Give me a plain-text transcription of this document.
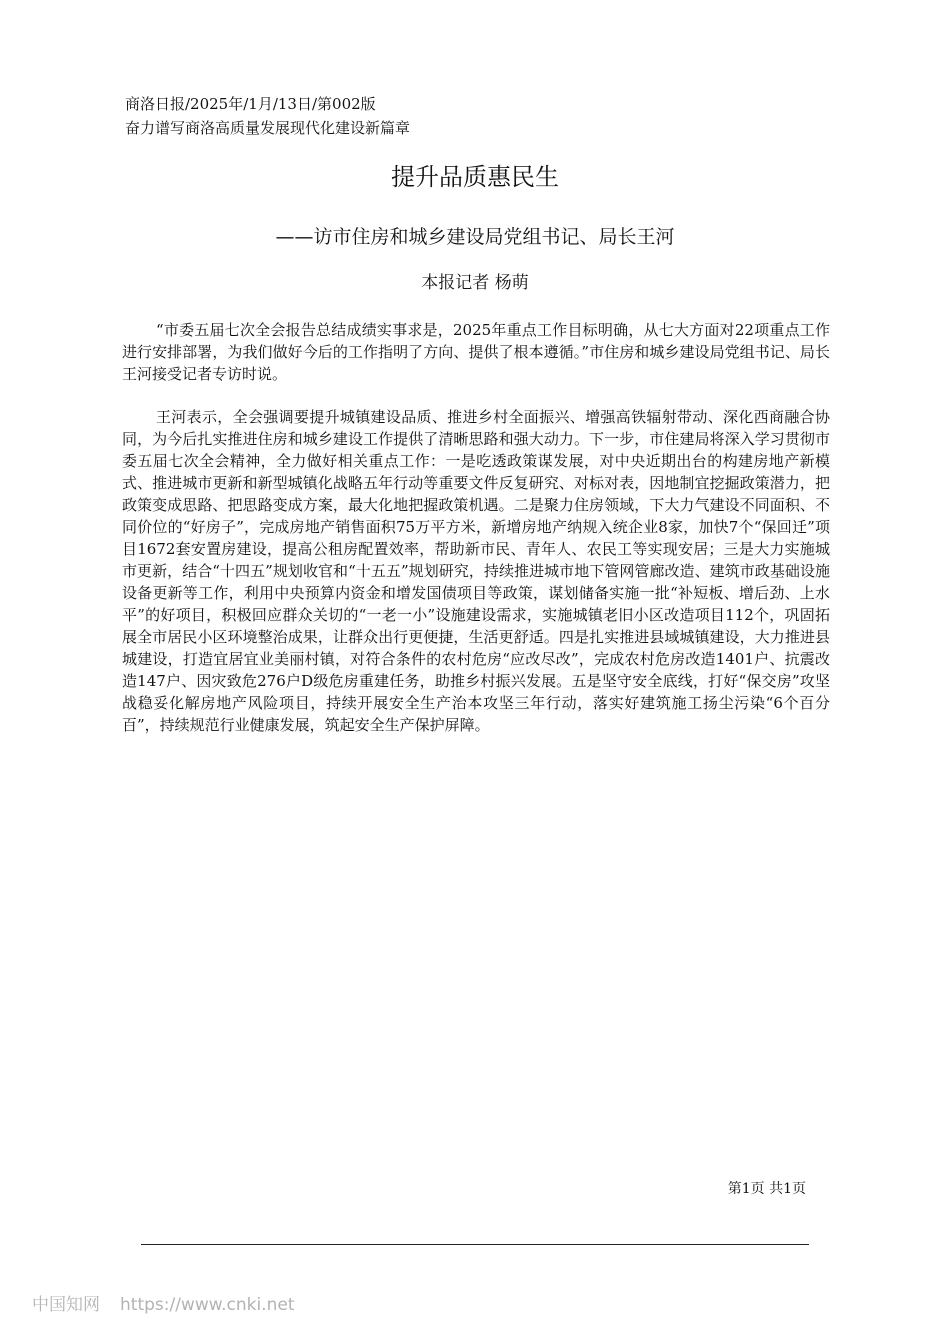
商洛日报/2025年/1月/13日/第002版
奋力谱写商洛高质量发展现代化建设新篇章
提升品质惠民生
——访市住房和城乡建设局党组书记、局长王河
本报记者 杨萌

“市委五届七次全会报告总结成绩实事求是，2025年重点工作目标明确，从七大方面对22项重点工作进行安排部署，为我们做好今后的工作指明了方向、提供了根本遵循。”市住房和城乡建设局党组书记、局长王河接受记者专访时说。

王河表示，全会强调要提升城镇建设品质、推进乡村全面振兴、增强高铁辐射带动、深化西商融合协同，为今后扎实推进住房和城乡建设工作提供了清晰思路和强大动力。下一步，市住建局将深入学习贯彻市委五届七次全会精神，全力做好相关重点工作：一是吃透政策谋发展，对中央近期出台的构建房地产新模式、推进城市更新和新型城镇化战略五年行动等重要文件反复研究、对标对表，因地制宜挖掘政策潜力，把政策变成思路、把思路变成方案，最大化地把握政策机遇。二是聚力住房领域，下大力气建设不同面积、不同价位的“好房子”，完成房地产销售面积75万平方米，新增房地产纳规入统企业8家，加快7个“保回迁”项目1672套安置房建设，提高公租房配置效率，帮助新市民、青年人、农民工等实现安居；三是大力实施城市更新，结合“十四五”规划收官和“十五五”规划研究，持续推进城市地下管网管廊改造、建筑市政基础设施设备更新等工作，利用中央预算内资金和增发国债项目等政策，谋划储备实施一批“补短板、增后劲、上水平”的好项目，积极回应群众关切的“一老一小”设施建设需求，实施城镇老旧小区改造项目112个，巩固拓展全市居民小区环境整治成果，让群众出行更便捷，生活更舒适。四是扎实推进县域城镇建设，大力推进县城建设，打造宜居宜业美丽村镇，对符合条件的农村危房“应改尽改”，完成农村危房改造1401户、抗震改造147户、因灾致危276户D级危房重建任务，助推乡村振兴发展。五是坚守安全底线，打好“保交房”攻坚战稳妥化解房地产风险项目，持续开展安全生产治本攻坚三年行动，落实好建筑施工扬尘污染“6个百分百”，持续规范行业健康发展，筑起安全生产保护屏障。

第1页 共1页
中国知网 https://www.cnki.net
